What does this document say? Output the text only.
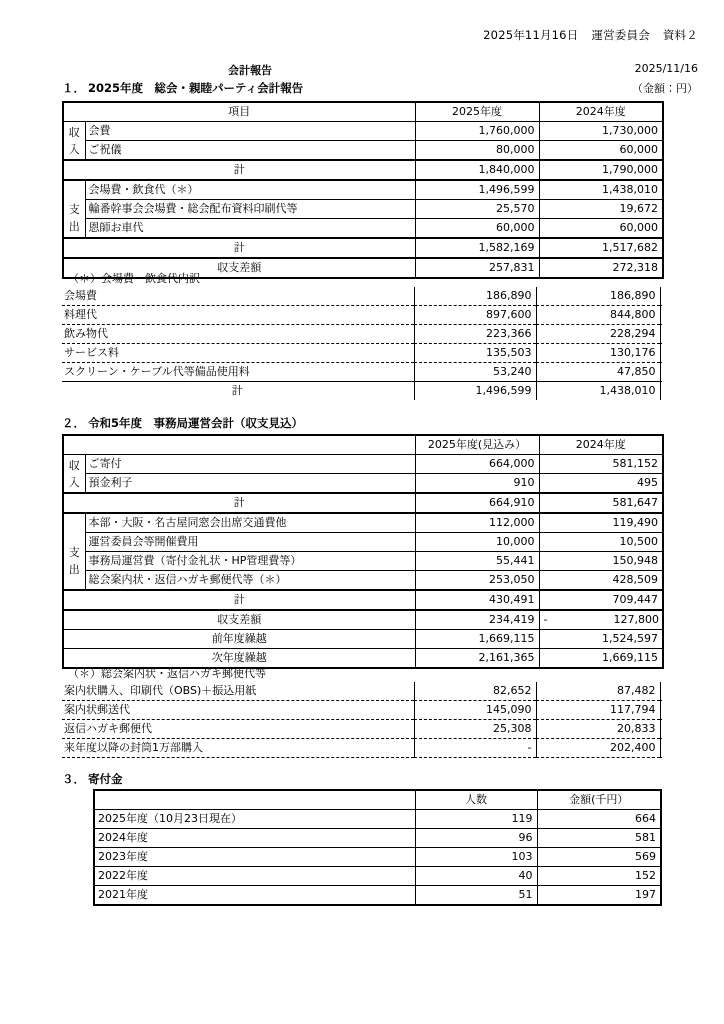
2025年11月16日 運営委員会 資料２
会計報告	2025/11/16
（金額：円）
１． 2025年度　総会・親睦パーティ会計報告
項目		2025年度	2024年度

収
入	会費	1,760,000	1,730,000
	ご祝儀	80,000	60,000
計		1,840,000	1,790,000

支
出	会場費・飲食代（＊）	1,496,599	1,438,010
	輪番幹事会会場費・総会配布資料印刷代等	25,570	19,672
	恩師お車代	60,000	60,000
計		1,582,169	1,517,682
収支差額		257,831	272,318
（＊）会場費・飲食代内訳
会場費		186,890		186,890	
料理代		897,600		844,800	
飲み物代		223,366		228,294	
サービス料		135,503		130,176	
スクリーン・ケーブル代等備品使用料		53,240		47,850	
計		1,496,599		1,438,010	
２． 令和5年度　事務局運営会計（収支見込）
		2025年度(見込み）	2024年度

収
入	ご寄付	664,000	581,152
	預金利子	910	495
計		664,910	581,647

支
出	本部・大阪・名古屋同窓会出席交通費他	112,000	119,490
	運営委員会等開催費用	10,000	10,500
	事務局運営費（寄付金礼状・HP管理費等）	55,441	150,948
	総会案内状・返信ハガキ郵便代等（＊）	253,050	428,509
計		430,491	709,447
収支差額		234,419	- 127,800
前年度繰越		1,669,115	1,524,597
次年度繰越		2,161,365	1,669,115
（＊）総会案内状・返信ハガキ郵便代等
案内状購入、印刷代（OBS)＋振込用紙		82,652		87,482	
案内状郵送代		145,090		117,794	
返信ハガキ郵便代		25,308		20,833	
来年度以降の封筒1万部購入		-		202,400	
３． 寄付金
	人数	金額(千円）
2025年度（10月23日現在）	119	664
2024年度	96	581
2023年度	103	569
2022年度	40	152
2021年度	51	197
